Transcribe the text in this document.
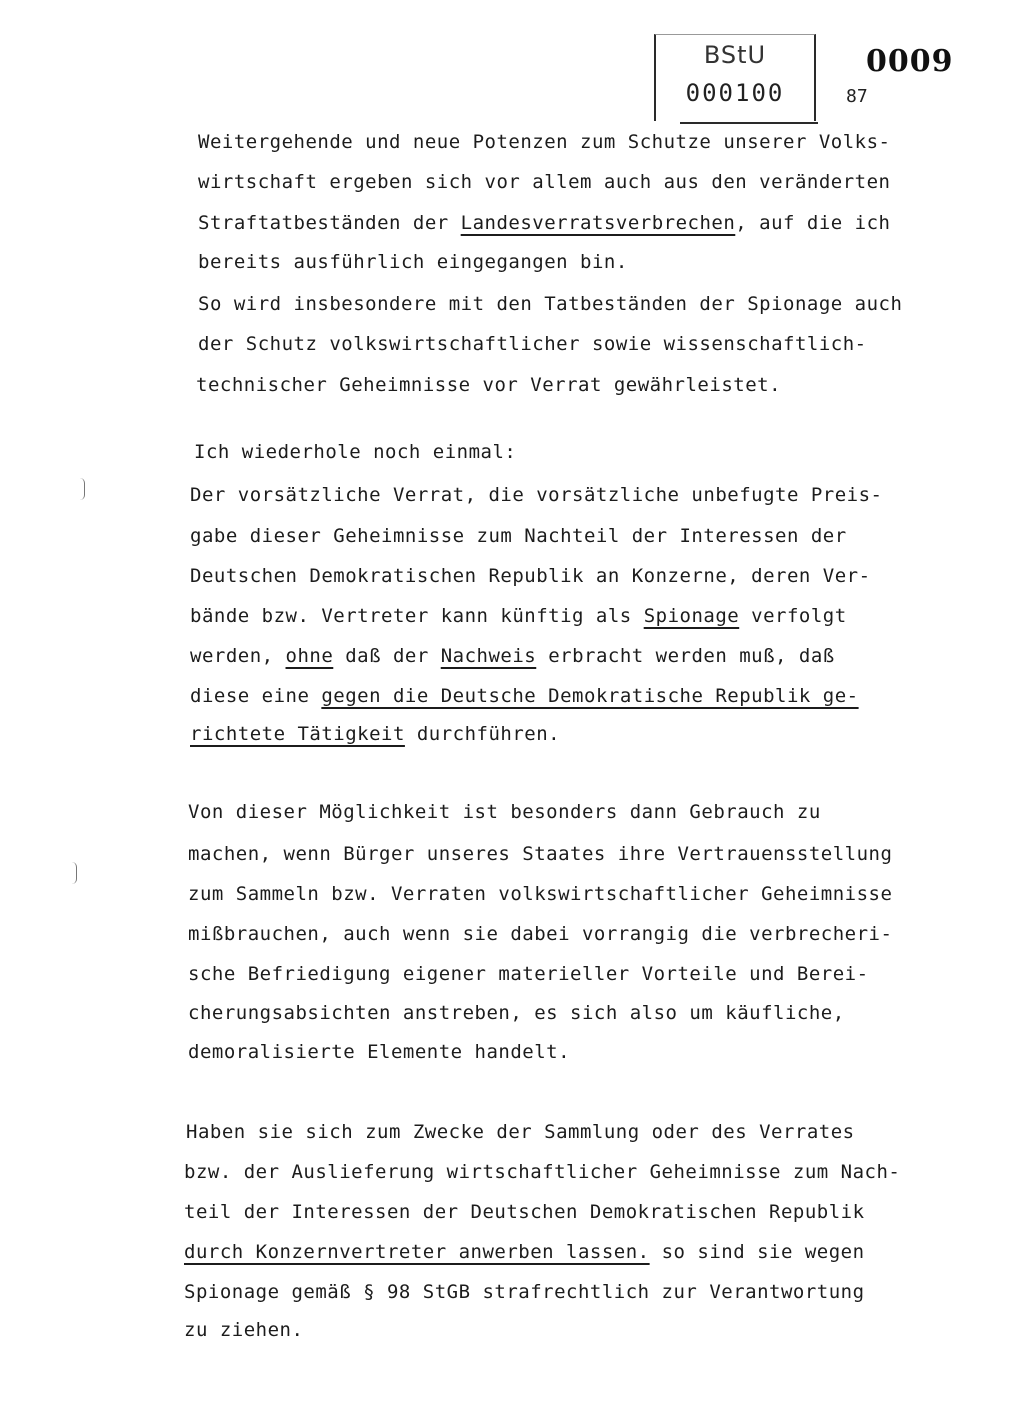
BStU
000100
0009
87
Weitergehende und neue Potenzen zum Schutze unserer Volks-
wirtschaft ergeben sich vor allem auch aus den veränderten
Straftatbeständen der Landesverratsverbrechen, auf die ich
bereits ausführlich eingegangen bin.
So wird insbesondere mit den Tatbeständen der Spionage auch
der Schutz volkswirtschaftlicher sowie wissenschaftlich-
technischer Geheimnisse vor Verrat gewährleistet.
Ich wiederhole noch einmal:
Der vorsätzliche Verrat, die vorsätzliche unbefugte Preis-
gabe dieser Geheimnisse zum Nachteil der Interessen der
Deutschen Demokratischen Republik an Konzerne, deren Ver-
bände bzw. Vertreter kann künftig als Spionage verfolgt
werden, ohne daß der Nachweis erbracht werden muß, daß
diese eine gegen die Deutsche Demokratische Republik ge-
richtete Tätigkeit durchführen.
Von dieser Möglichkeit ist besonders dann Gebrauch zu
machen, wenn Bürger unseres Staates ihre Vertrauensstellung
zum Sammeln bzw. Verraten volkswirtschaftlicher Geheimnisse
mißbrauchen, auch wenn sie dabei vorrangig die verbrecheri-
sche Befriedigung eigener materieller Vorteile und Berei-
cherungsabsichten anstreben, es sich also um käufliche,
demoralisierte Elemente handelt.
Haben sie sich zum Zwecke der Sammlung oder des Verrates
bzw. der Auslieferung wirtschaftlicher Geheimnisse zum Nach-
teil der Interessen der Deutschen Demokratischen Republik
durch Konzernvertreter anwerben lassen. so sind sie wegen
Spionage gemäß § 98 StGB strafrechtlich zur Verantwortung
zu ziehen.
